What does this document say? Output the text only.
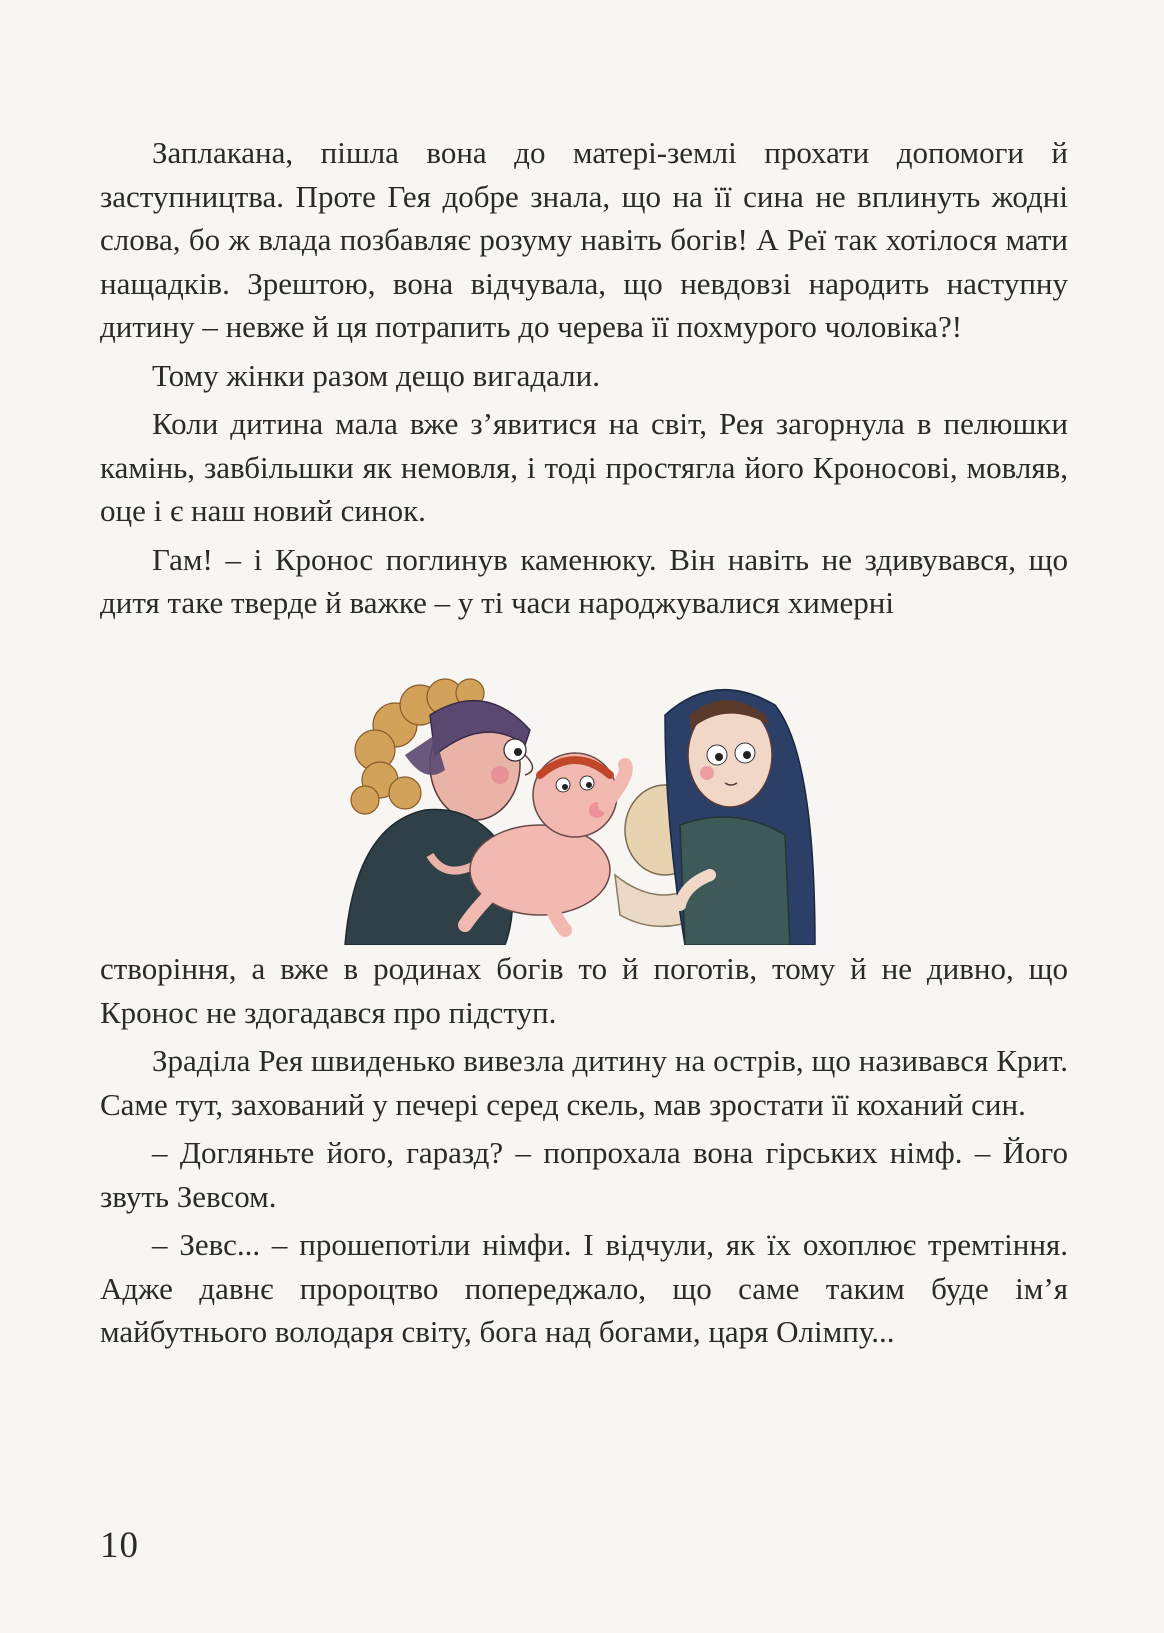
Заплакана, пішла вона до матері-землі прохати допомоги й заступництва. Проте Гея добре знала, що на її сина не вплинуть жодні слова, бо ж влада позбавляє розуму навіть богів! А Реї так хотілося мати нащадків. Зрештою, вона відчувала, що невдовзі народить наступну дитину – невже й ця потрапить до черева її похмурого чоловіка?!

Тому жінки разом дещо вигадали.

Коли дитина мала вже з’явитися на світ, Рея загорнула в пелюшки камінь, завбільшки як немовля, і тоді простягла його Кроносові, мовляв, оце і є наш новий синок.

Гам! – і Кронос поглинув каменюку. Він навіть не здивувався, що дитя таке тверде й важке – у ті часи народжувалися химерні

створіння, а вже в родинах богів то й поготів, тому й не дивно, що Кронос не здогадався про підступ.

Зраділа Рея швиденько вивезла дитину на острів, що називався Крит. Саме тут, захований у печері серед скель, мав зростати її коханий син.

– Догляньте його, гаразд? – попрохала вона гірських німф. – Його звуть Зевсом.

– Зевс... – прошепотіли німфи. І відчули, як їх охоплює тремтіння. Адже давнє пророцтво попереджало, що саме таким буде ім’я майбутнього володаря світу, бога над богами, царя Олімпу...

10
